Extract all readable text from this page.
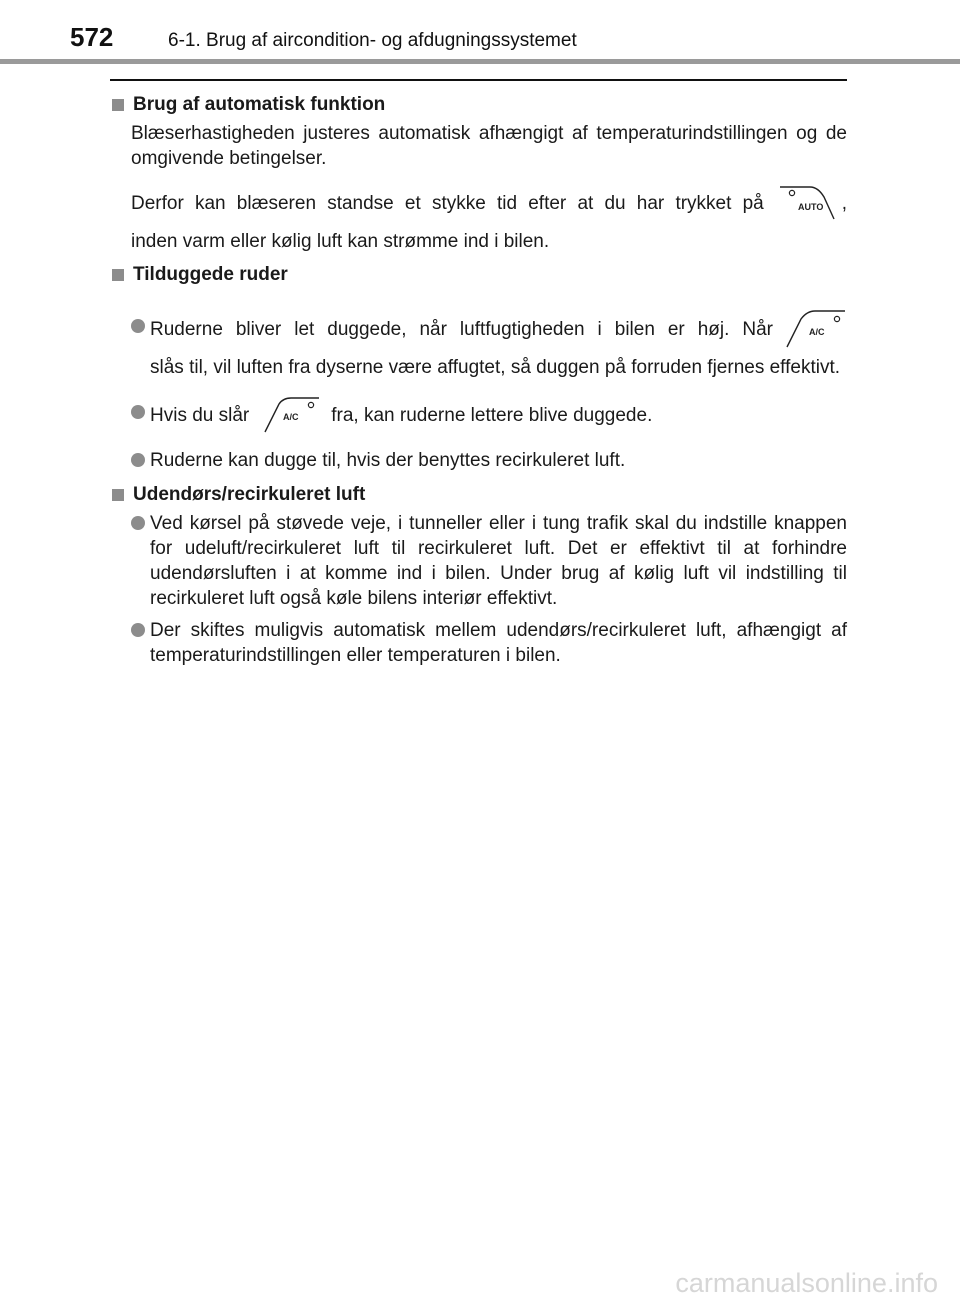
572	6-1. Brug af aircondition- og afdugningssystemet
Brug af automatisk funktion

Blæserhastigheden justeres automatisk afhængigt af temperaturindstillingen og de omgivende betingelser.

Derfor kan blæseren standse et stykke tid efter at du har trykket på	AUTO ,

inden varm eller kølig luft kan strømme ind i bilen.

Tilduggede ruder
Ruderne bliver let duggede, når luftfugtigheden i bilen er høj. Når	A/C
slås til, vil luften fra dyserne være affugtet, så duggen på forruden fjernes effektivt.
Hvis du slår	A/C fra, kan ruderne lettere blive duggede.
Ruderne kan dugge til, hvis der benyttes recirkuleret luft.
Udendørs/recirkuleret luft
Ved kørsel på støvede veje, i tunneller eller i tung trafik skal du indstille knappen for udeluft/recirkuleret luft til recirkuleret luft. Det er effektivt til at forhindre udendørsluften i at komme ind i bilen. Under brug af kølig luft vil indstilling til recirkuleret luft også køle bilens interiør effektivt.
Der skiftes muligvis automatisk mellem udendørs/recirkuleret luft, afhængigt af temperaturindstillingen eller temperaturen i bilen.
carmanualsonline.info
